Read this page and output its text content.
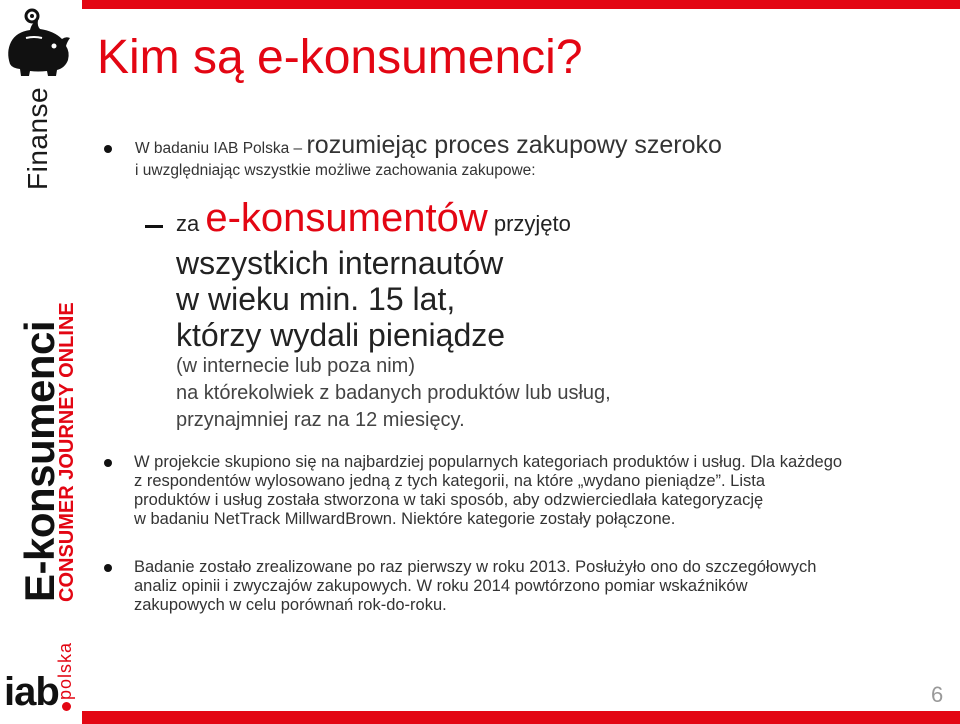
Finanse
E-konsumenci
CONSUMER JOURNEY ONLINE
iab
polska
Kim są e-konsumenci?
W badaniu IAB Polska – rozumiejąc proces zakupowy szeroko
i uwzględniając wszystkie możliwe zachowania zakupowe:
za e-konsumentów przyjęto
wszystkich internautów
w wieku min. 15 lat,
którzy wydali pieniądze
(w internecie lub poza nim)
na którekolwiek z badanych produktów lub usług,
przynajmniej raz na 12 miesięcy.
W projekcie skupiono się na najbardziej popularnych kategoriach produktów i usług. Dla każdego
z respondentów wylosowano jedną z tych kategorii, na które „wydano pieniądze”. Lista
produktów i usług została stworzona w taki sposób, aby odzwierciedlała kategoryzację
w badaniu NetTrack MillwardBrown. Niektóre kategorie zostały połączone.
Badanie zostało zrealizowane po raz pierwszy w roku 2013. Posłużyło ono do szczegółowych
analiz opinii i zwyczajów zakupowych. W roku 2014 powtórzono pomiar wskaźników
zakupowych w celu porównań rok-do-roku.
6
